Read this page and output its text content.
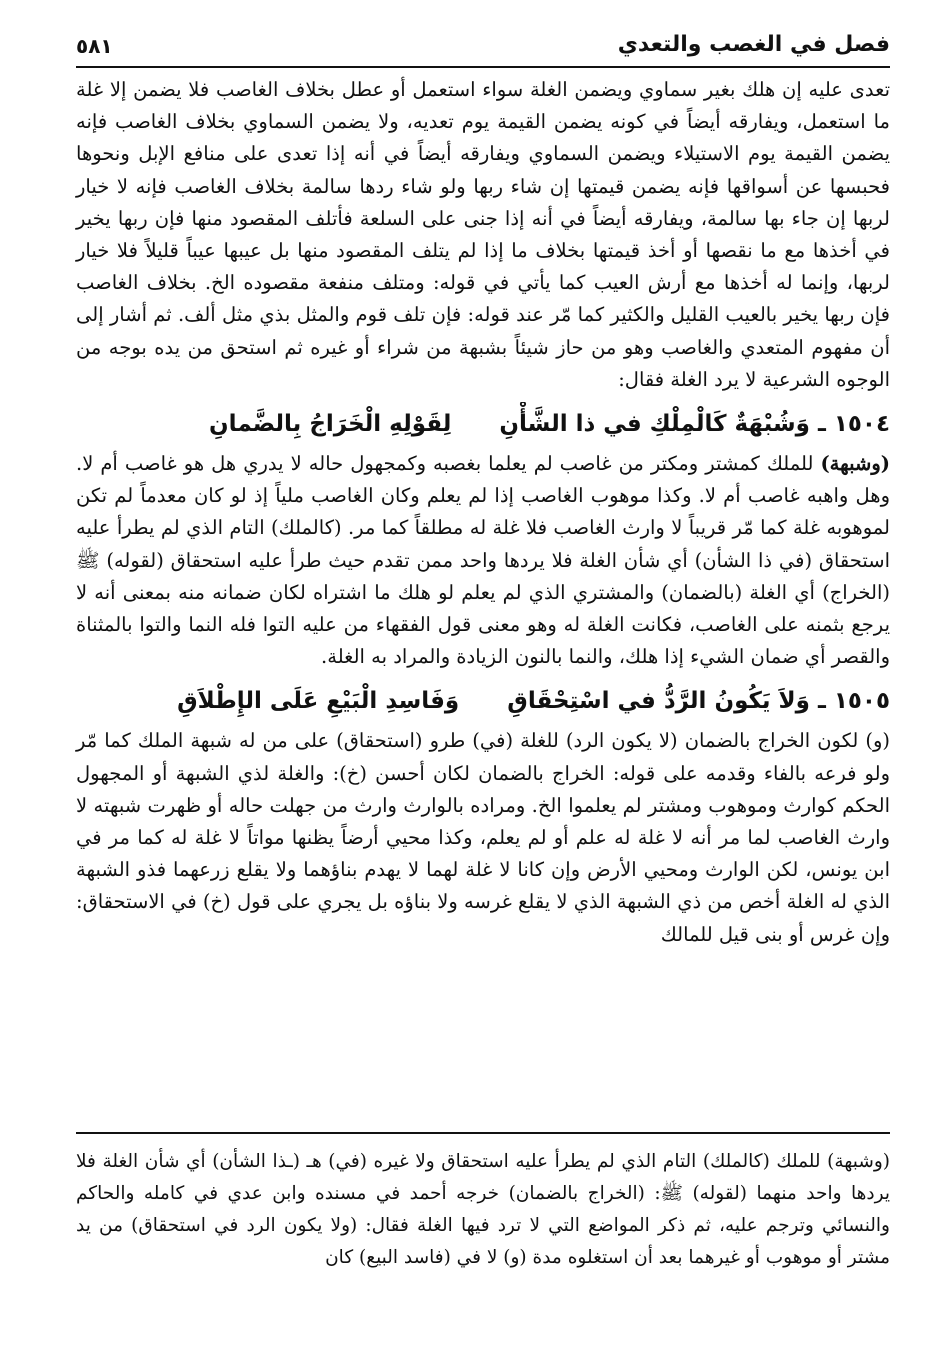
فصل في الغصب والتعدي
٥٨١

تعدى عليه إن هلك بغير سماوي ويضمن الغلة سواء استعمل أو عطل بخلاف الغاصب فلا يضمن إلا غلة ما استعمل، ويفارقه أيضاً في كونه يضمن القيمة يوم تعديه، ولا يضمن السماوي بخلاف الغاصب فإنه يضمن القيمة يوم الاستيلاء ويضمن السماوي ويفارقه أيضاً في أنه إذا تعدى على منافع الإبل ونحوها فحبسها عن أسواقها فإنه يضمن قيمتها إن شاء ربها ولو شاء ردها سالمة بخلاف الغاصب فإنه لا خيار لربها إن جاء بها سالمة، ويفارقه أيضاً في أنه إذا جنى على السلعة فأتلف المقصود منها فإن ربها يخير في أخذها مع ما نقصها أو أخذ قيمتها بخلاف ما إذا لم يتلف المقصود منها بل عيبها عيباً قليلاً فلا خيار لربها، وإنما له أخذها مع أرش العيب كما يأتي في قوله: ومتلف منفعة مقصوده الخ. بخلاف الغاصب فإن ربها يخير بالعيب القليل والكثير كما مّر عند قوله: فإن تلف قوم والمثل بذي مثل ألف. ثم أشار إلى أن مفهوم المتعدي والغاصب وهو من حاز شيئاً بشبهة من شراء أو غيره ثم استحق من يده بوجه من الوجوه الشرعية لا يرد الغلة فقال:

١٥٠٤ ـ وَشُبْهَةٌ كَالْمِلْكِ في ذا الشَّأْنِ لِقَوْلِهِ الْخَرَاجُ بِالضَّمانِ

(وشبهة) للملك كمشتر ومكتر من غاصب لم يعلما بغصبه وكمجهول حاله لا يدري هل هو غاصب أم لا. وهل واهبه غاصب أم لا. وكذا موهوب الغاصب إذا لم يعلم وكان الغاصب ملياً إذ لو كان معدماً لم تكن لموهوبه غلة كما مّر قريباً لا وارث الغاصب فلا غلة له مطلقاً كما مر. (كالملك) التام الذي لم يطرأ عليه استحقاق (في ذا الشأن) أي شأن الغلة فلا يردها واحد ممن تقدم حيث طرأ عليه استحقاق (لقوله) ﷺ (الخراج) أي الغلة (بالضمان) والمشتري الذي لم يعلم لو هلك ما اشتراه لكان ضمانه منه بمعنى أنه لا يرجع بثمنه على الغاصب، فكانت الغلة له وهو معنى قول الفقهاء من عليه التوا فله النما والتوا بالمثناة والقصر أي ضمان الشيء إذا هلك، والنما بالنون الزيادة والمراد به الغلة.

١٥٠٥ ـ وَلاَ يَكُونُ الرَّدُّ في اسْتِحْقَاقِ وَفَاسِدِ الْبَيْعِ عَلَى الإِطْلاَقِ

(و) لكون الخراج بالضمان (لا يكون الرد) للغلة (في) طرو (استحقاق) على من له شبهة الملك كما مّر ولو فرعه بالفاء وقدمه على قوله: الخراج بالضمان لكان أحسن (خ): والغلة لذي الشبهة أو المجهول الحكم كوارث وموهوب ومشتر لم يعلموا الخ. ومراده بالوارث وارث من جهلت حاله أو ظهرت شبهته لا وارث الغاصب لما مر أنه لا غلة له علم أو لم يعلم، وكذا محيي أرضاً يظنها مواتاً لا غلة له كما مر في ابن يونس، لكن الوارث ومحيي الأرض وإن كانا لا غلة لهما لا يهدم بناؤهما ولا يقلع زرعهما فذو الشبهة الذي له الغلة أخص من ذي الشبهة الذي لا يقلع غرسه ولا بناؤه بل يجري على قول (خ) في الاستحقاق: وإن غرس أو بنى قيل للمالك

(وشبهة) للملك (كالملك) التام الذي لم يطرأ عليه استحقاق ولا غيره (في) هـ (ـذا الشأن) أي شأن الغلة فلا يردها واحد منهما (لقوله) ﷺ: (الخراج بالضمان) خرجه أحمد في مسنده وابن عدي في كامله والحاكم والنسائي وترجم عليه، ثم ذكر المواضع التي لا ترد فيها الغلة فقال: (ولا يكون الرد في استحقاق) من يد مشتر أو موهوب أو غيرهما بعد أن استغلوه مدة (و) لا في (فاسد البيع) كان
